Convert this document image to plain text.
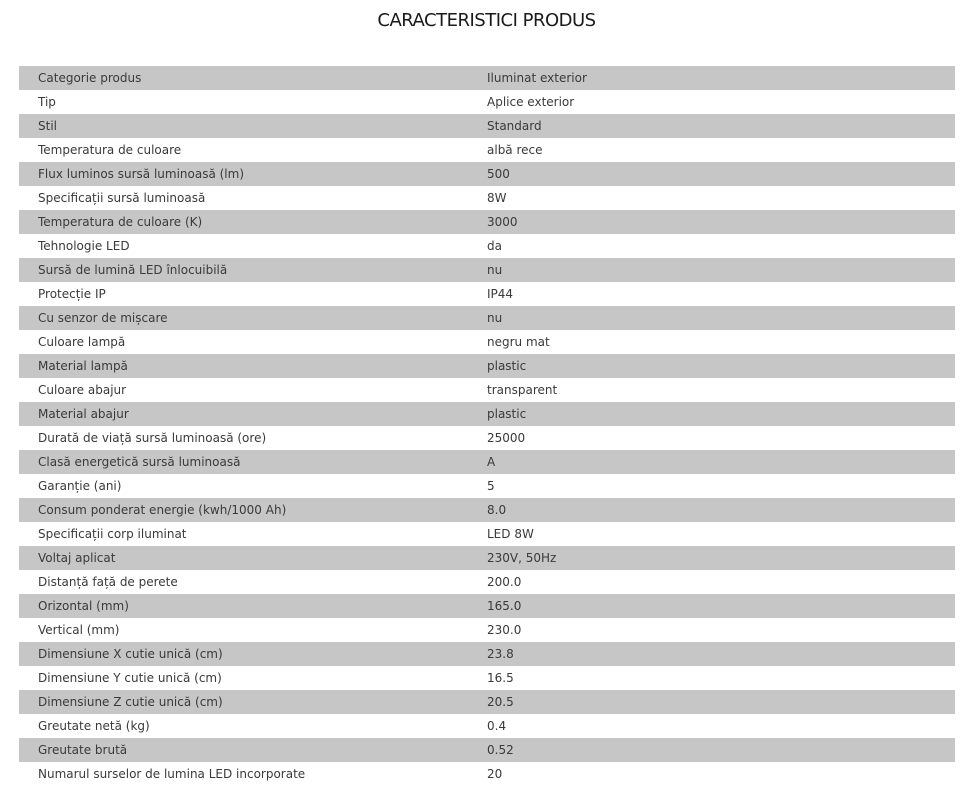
CARACTERISTICI PRODUS
Categorie produs	Iluminat exterior
Tip	Aplice exterior
Stil	Standard
Temperatura de culoare	albă rece
Flux luminos sursă luminoasă (lm)	500
Specificații sursă luminoasă	8W
Temperatura de culoare (K)	3000
Tehnologie LED	da
Sursă de lumină LED înlocuibilă	nu
Protecție IP	IP44
Cu senzor de mișcare	nu
Culoare lampă	negru mat
Material lampă	plastic
Culoare abajur	transparent
Material abajur	plastic
Durată de viață sursă luminoasă (ore)	25000
Clasă energetică sursă luminoasă	A
Garanție (ani)	5
Consum ponderat energie (kwh/1000 Ah)	8.0
Specificații corp iluminat	LED 8W
Voltaj aplicat	230V, 50Hz
Distanță față de perete	200.0
Orizontal (mm)	165.0
Vertical (mm)	230.0
Dimensiune X cutie unică (cm)	23.8
Dimensiune Y cutie unică (cm)	16.5
Dimensiune Z cutie unică (cm)	20.5
Greutate netă (kg)	0.4
Greutate brută	0.52
Numarul surselor de lumina LED incorporate	20
